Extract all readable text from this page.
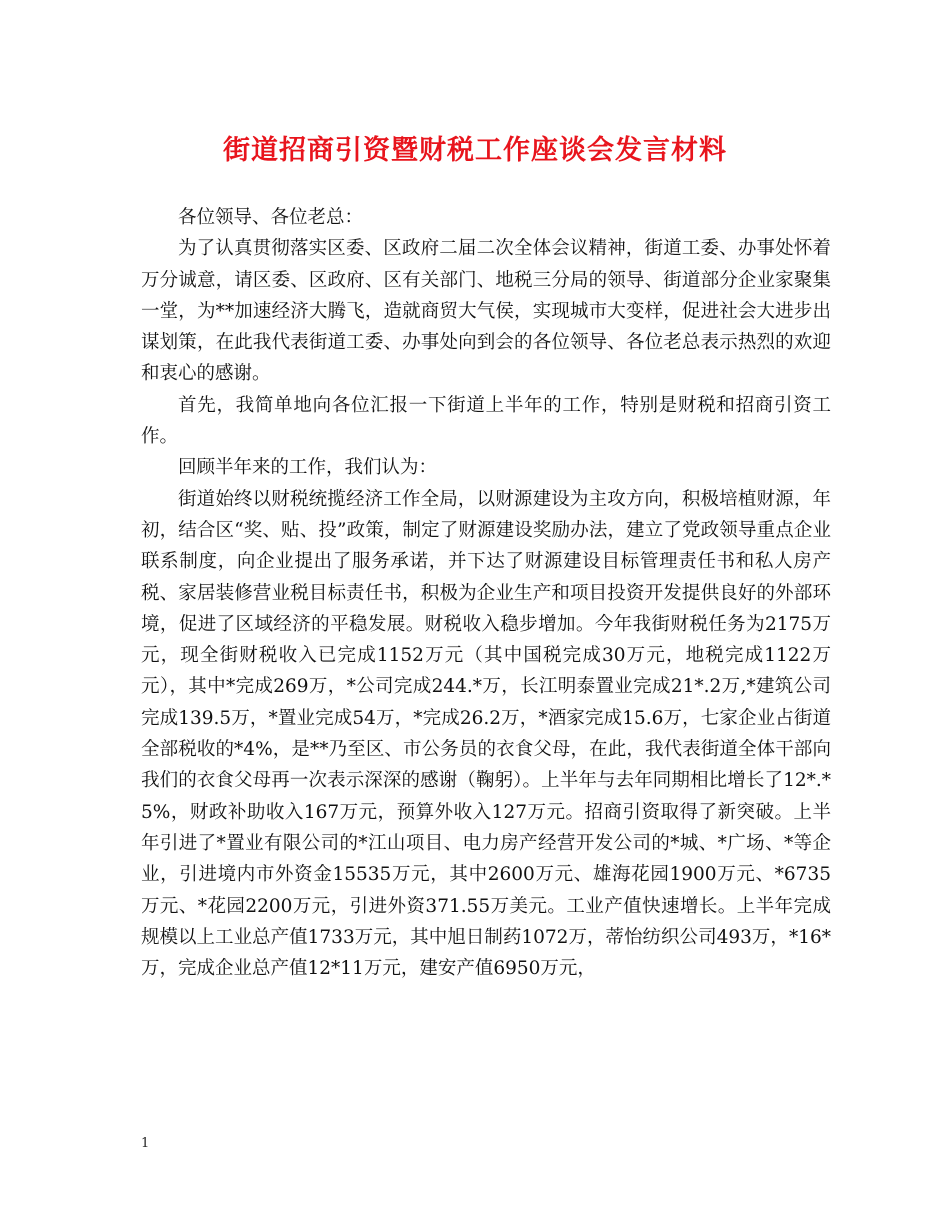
街道招商引资暨财税工作座谈会发言材料

各位领导、各位老总：

为了认真贯彻落实区委、区政府二届二次全体会议精神，街道工委、办事处怀着万分诚意，请区委、区政府、区有关部门、地税三分局的领导、街道部分企业家聚集一堂，为**加速经济大腾飞，造就商贸大气侯，实现城市大变样，促进社会大进步出谋划策，在此我代表街道工委、办事处向到会的各位领导、各位老总表示热烈的欢迎和衷心的感谢。

首先，我简单地向各位汇报一下街道上半年的工作，特别是财税和招商引资工作。

回顾半年来的工作，我们认为：

街道始终以财税统揽经济工作全局，以财源建设为主攻方向，积极培植财源，年初，结合区“奖、贴、投”政策，制定了财源建设奖励办法，建立了党政领导重点企业联系制度，向企业提出了服务承诺，并下达了财源建设目标管理责任书和私人房产税、家居装修营业税目标责任书，积极为企业生产和项目投资开发提供良好的外部环境，促进了区域经济的平稳发展。财税收入稳步增加。今年我街财税任务为2175万元，现全街财税收入已完成1152万元（其中国税完成30万元，地税完成1122万元），其中*完成269万，*公司完成244.*万，长江明泰置业完成21*.2万,*建筑公司完成139.5万，*置业完成54万，*完成26.2万，*酒家完成15.6万，七家企业占街道全部税收的*4%，是**乃至区、市公务员的衣食父母，在此，我代表街道全体干部向我们的衣食父母再一次表示深深的感谢（鞠躬）。上半年与去年同期相比增长了12*.*5%，财政补助收入167万元，预算外收入127万元。招商引资取得了新突破。上半年引进了*置业有限公司的*江山项目、电力房产经营开发公司的*城、*广场、*等企业，引进境内市外资金15535万元，其中2600万元、雄海花园1900万元、*6735万元、*花园2200万元，引进外资371.55万美元。工业产值快速增长。上半年完成规模以上工业总产值1733万元，其中旭日制药1072万，蒂怡纺织公司493万，*16*万，完成企业总产值12*11万元，建安产值6950万元，

1
